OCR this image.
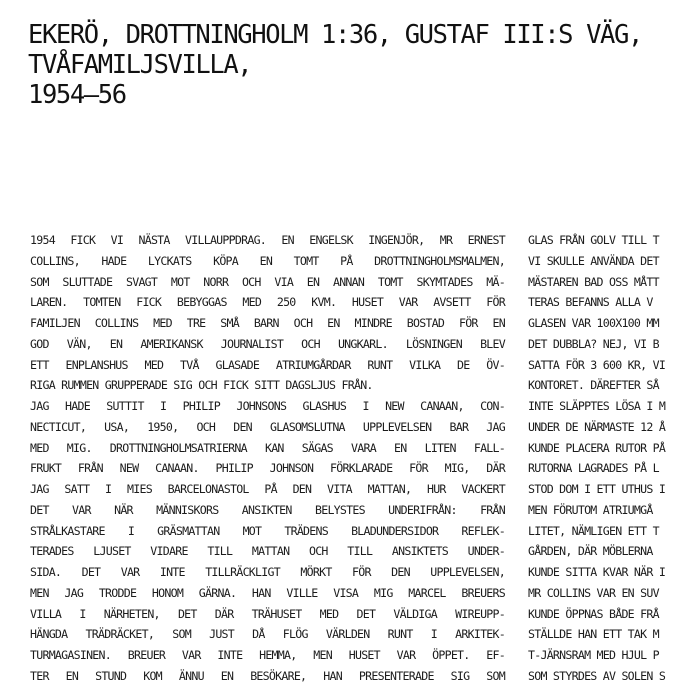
EKERÖ, DROTTNINGHOLM 1:36, GUSTAF III:S VÄG,
TVÅFAMILJSVILLA,
1954–56
1954 FICK VI NÄSTA VILLAUPPDRAG. EN ENGELSK INGENJÖR, MR ERNEST
COLLINS, HADE LYCKATS KÖPA EN TOMT PÅ DROTTNINGHOLMSMALMEN,
SOM SLUTTADE SVAGT MOT NORR OCH VIA EN ANNAN TOMT SKYMTADES MÄ-
LAREN. TOMTEN FICK BEBYGGAS MED 250 KVM. HUSET VAR AVSETT FÖR
FAMILJEN COLLINS MED TRE SMÅ BARN OCH EN MINDRE BOSTAD FÖR EN
GOD VÄN, EN AMERIKANSK JOURNALIST OCH UNGKARL. LÖSNINGEN BLEV
ETT ENPLANSHUS MED TVÅ GLASADE ATRIUMGÅRDAR RUNT VILKA DE ÖV-
RIGA RUMMEN GRUPPERADE SIG OCH FICK SITT DAGSLJUS FRÅN.
JAG HADE SUTTIT I PHILIP JOHNSONS GLASHUS I NEW CANAAN, CON-
NECTICUT, USA, 1950, OCH DEN GLASOMSLUTNA UPPLEVELSEN BAR JAG
MED MIG. DROTTNINGHOLMSATRIERNA KAN SÄGAS VARA EN LITEN FALL-
FRUKT FRÅN NEW CANAAN. PHILIP JOHNSON FÖRKLARADE FÖR MIG, DÄR
JAG SATT I MIES BARCELONASTOL PÅ DEN VITA MATTAN, HUR VACKERT
DET VAR NÄR MÄNNISKORS ANSIKTEN BELYSTES UNDERIFRÅN: FRÅN
STRÅLKASTARE I GRÄSMATTAN MOT TRÄDENS BLADUNDERSIDOR REFLEK-
TERADES LJUSET VIDARE TILL MATTAN OCH TILL ANSIKTETS UNDER-
SIDA. DET VAR INTE TILLRÄCKLIGT MÖRKT FÖR DEN UPPLEVELSEN,
MEN JAG TRODDE HONOM GÄRNA. HAN VILLE VISA MIG MARCEL BREUERS
VILLA I NÄRHETEN, DET DÄR TRÄHUSET MED DET VÄLDIGA WIREUPP-
HÄNGDA TRÄDRÄCKET, SOM JUST DÅ FLÖG VÄRLDEN RUNT I ARKITEK-
TURMAGASINEN. BREUER VAR INTE HEMMA, MEN HUSET VAR ÖPPET. EF-
TER EN STUND KOM ÄNNU EN BESÖKARE, HAN PRESENTERADE SIG SOM
GLAS FRÅN GOLV TILL T
VI SKULLE ANVÄNDA DET
MÄSTAREN BAD OSS MÅTT
TERAS BEFANNS ALLA V
GLASEN VAR 100X100 MM
DET DUBBLA? NEJ, VI B
SATTA FÖR 3 600 KR, VI
KONTORET. DÄREFTER SÅ
INTE SLÄPPTES LÖSA I M
UNDER DE NÄRMASTE 12 Å
KUNDE PLACERA RUTOR PÅ
RUTORNA LAGRADES PÅ L
STOD DOM I ETT UTHUS I
MEN FÖRUTOM ATRIUMGÅ
LITET, NÄMLIGEN ETT T
GÅRDEN, DÄR MÖBLERNA
KUNDE SITTA KVAR NÄR I
MR COLLINS VAR EN SUV
KUNDE ÖPPNAS BÅDE FRÅ
STÄLLDE HAN ETT TAK M
T-JÄRNSRAM MED HJUL P
SOM STYRDES AV SOLEN S
